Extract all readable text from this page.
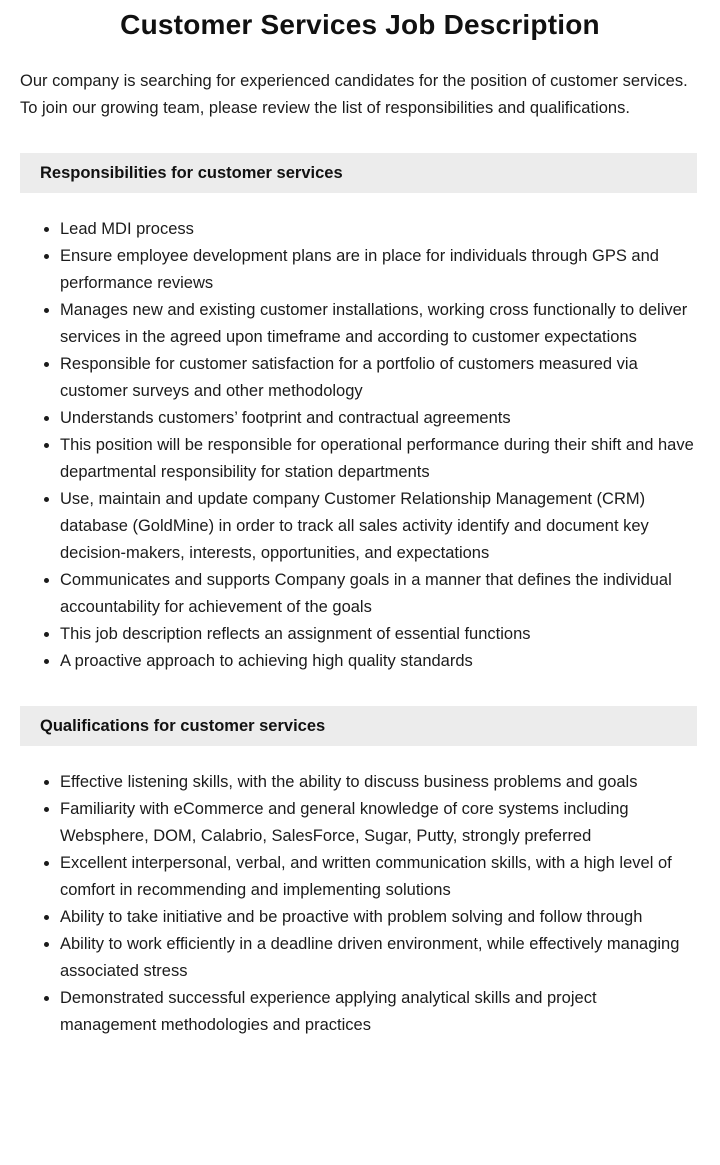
Customer Services Job Description

Our company is searching for experienced candidates for the position of customer services. To join our growing team, please review the list of responsibilities and qualifications.

Responsibilities for customer services
Lead MDI process
Ensure employee development plans are in place for individuals through GPS and performance reviews
Manages new and existing customer installations, working cross functionally to deliver services in the agreed upon timeframe and according to customer expectations
Responsible for customer satisfaction for a portfolio of customers measured via customer surveys and other methodology
Understands customers’ footprint and contractual agreements
This position will be responsible for operational performance during their shift and have departmental responsibility for station departments
Use, maintain and update company Customer Relationship Management (CRM) database (GoldMine) in order to track all sales activity identify and document key decision-makers, interests, opportunities, and expectations
Communicates and supports Company goals in a manner that defines the individual accountability for achievement of the goals
This job description reflects an assignment of essential functions
A proactive approach to achieving high quality standards
Qualifications for customer services
Effective listening skills, with the ability to discuss business problems and goals
Familiarity with eCommerce and general knowledge of core systems including Websphere, DOM, Calabrio, SalesForce, Sugar, Putty, strongly preferred
Excellent interpersonal, verbal, and written communication skills, with a high level of comfort in recommending and implementing solutions
Ability to take initiative and be proactive with problem solving and follow through
Ability to work efficiently in a deadline driven environment, while effectively managing associated stress
Demonstrated successful experience applying analytical skills and project management methodologies and practices
